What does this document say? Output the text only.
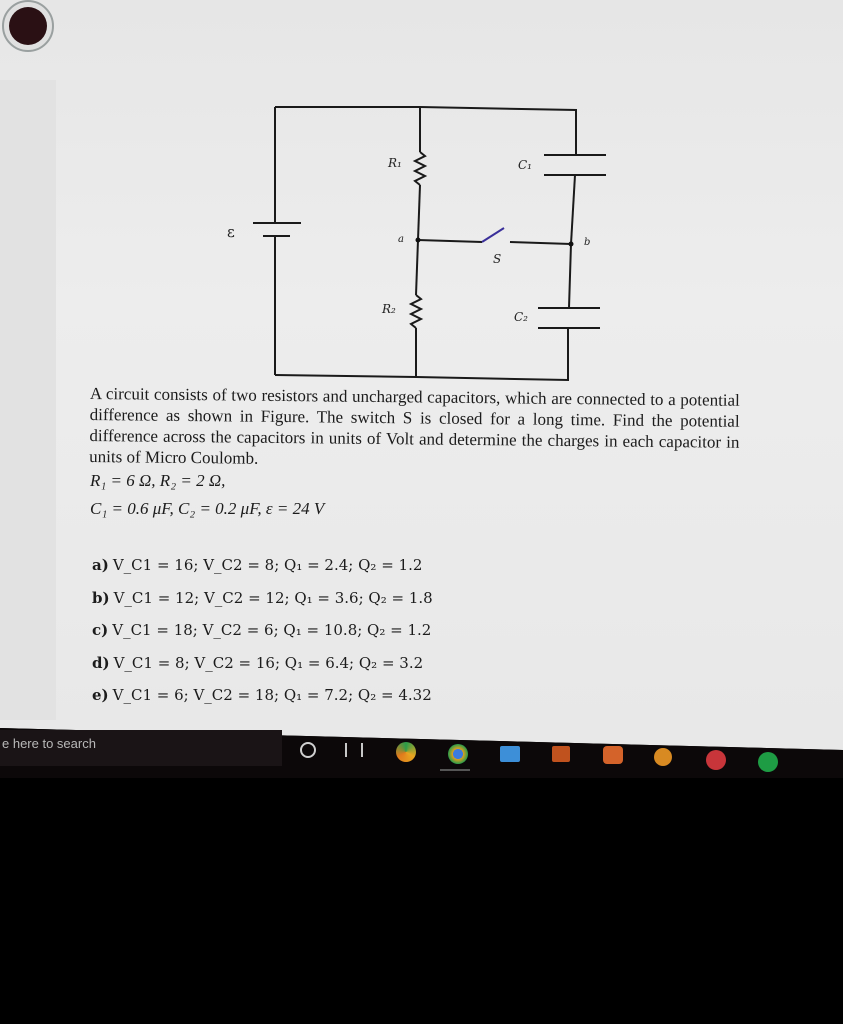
ε
R₁
R₂
C₁
C₂
a	b
S
A circuit consists of two resistors and uncharged capacitors, which are connected to a potential difference as shown in Figure. The switch S is closed for a long time. Find the potential difference across the capacitors in units of Volt and determine the charges in each capacitor in units of Micro Coulomb.
R₁ = 6 Ω, R₂ = 2 Ω,
C₁ = 0.6 μF, C₂ = 0.2 μF, ε = 24 V
a) V_C1 = 16; V_C2 = 8; Q₁ = 2.4; Q₂ = 1.2
b) V_C1 = 12; V_C2 = 12; Q₁ = 3.6; Q₂ = 1.8
c) V_C1 = 18; V_C2 = 6; Q₁ = 10.8; Q₂ = 1.2
d) V_C1 = 8; V_C2 = 16; Q₁ = 6.4; Q₂ = 3.2
e) V_C1 = 6; V_C2 = 18; Q₁ = 7.2; Q₂ = 4.32
e here to search
